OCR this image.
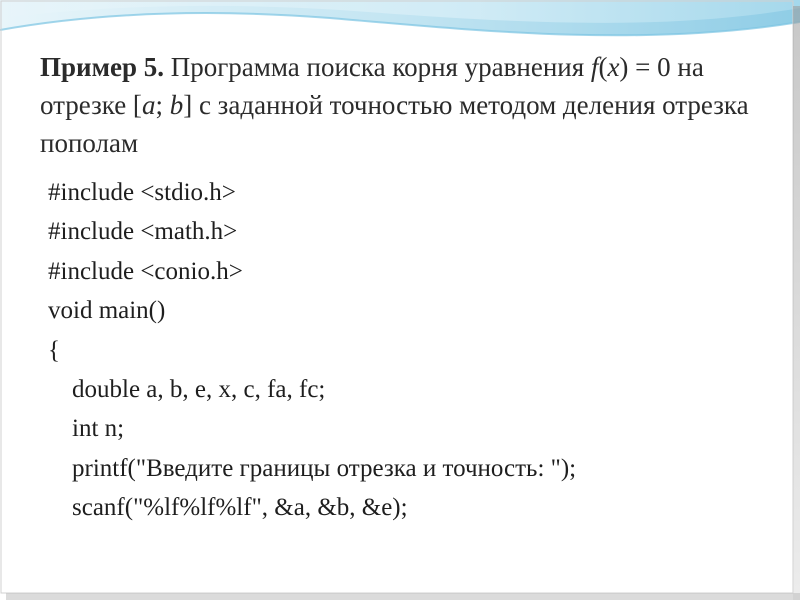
Пример 5. Программа поиска корня уравнения f(x) = 0 на отрезке [a; b] с заданной точностью методом деления отрезка пополам
#include <stdio.h>
#include <math.h>
#include <conio.h>
void main()
{
double a, b, e, x, c, fa, fc;
int n;
printf("Введите границы отрезка и точность: ");
scanf("%lf%lf%lf", &a, &b, &e);
